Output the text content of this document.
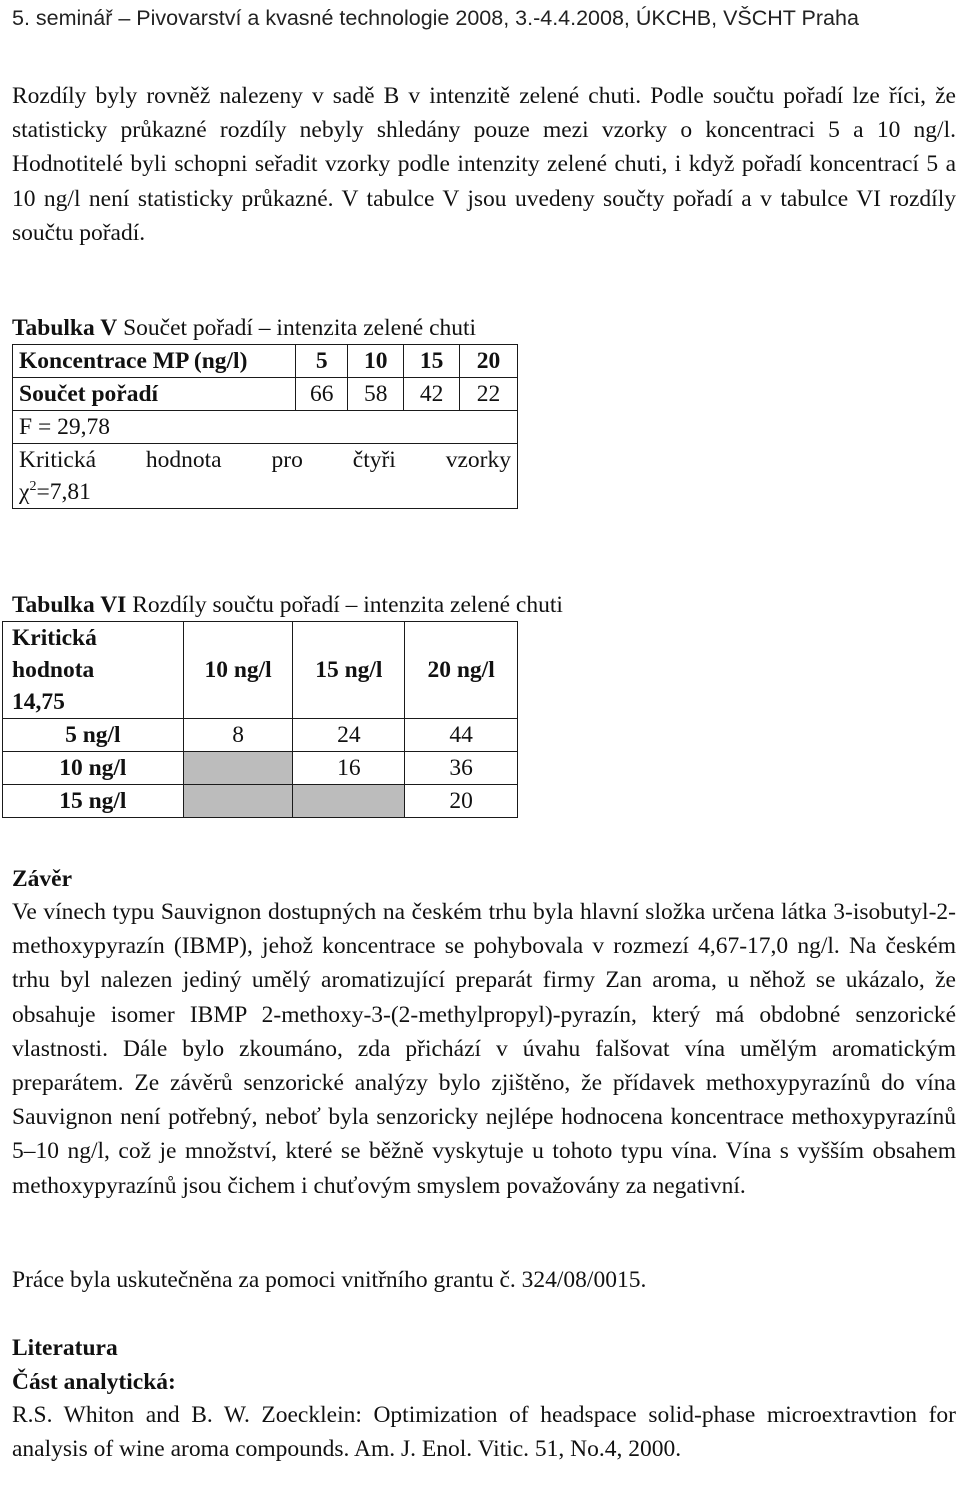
5. seminář – Pivovarství a kvasné technologie 2008, 3.-4.4.2008, ÚKCHB, VŠCHT Praha
Rozdíly byly rovněž nalezeny v sadě B v intenzitě zelené chuti. Podle součtu pořadí lze říci, že statisticky průkazné rozdíly nebyly shledány pouze mezi vzorky o koncentraci 5 a 10 ng/l. Hodnotitelé byli schopni seřadit vzorky podle intenzity zelené chuti, i když pořadí koncentrací 5 a 10 ng/l není statisticky průkazné. V tabulce V jsou uvedeny součty pořadí a v tabulce VI rozdíly součtu pořadí.
Tabulka V Součet pořadí – intenzita zelené chuti
Koncentrace MP (ng/l)	5	10	15	20
Součet pořadí	66	58	42	22
F = 29,78				

Kritická hodnota pro čtyři vzorky
$\chi^2=7,81$				
Tabulka VI Rozdíly součtu pořadí – intenzita zelené chuti
Kritická
hodnota
14,75	10 ng/l	15 ng/l	20 ng/l
5 ng/l	8	24	44
10 ng/l		16	36
15 ng/l			20
Závěr
Ve vínech typu Sauvignon dostupných na českém trhu byla hlavní složka určena látka 3-isobutyl-2-methoxypyrazín (IBMP), jehož koncentrace se pohybovala v rozmezí 4,67-17,0 ng/l. Na českém trhu byl nalezen jediný umělý aromatizující preparát firmy Zan aroma, u něhož se ukázalo, že obsahuje isomer IBMP 2-methoxy-3-(2-methylpropyl)-pyrazín, který má obdobné senzorické vlastnosti. Dále bylo zkoumáno, zda přichází v úvahu falšovat vína umělým aromatickým preparátem. Ze závěrů senzorické analýzy bylo zjištěno, že přídavek methoxypyrazínů do vína Sauvignon není potřebný, neboť byla senzoricky nejlépe hodnocena koncentrace methoxypyrazínů 5–10 ng/l, což je množství, které se běžně vyskytuje u tohoto typu vína. Vína s vyšším obsahem methoxypyrazínů jsou čichem i chuťovým smyslem považovány za negativní.
Práce byla uskutečněna za pomoci vnitřního grantu č. 324/08/0015.
Literatura
Část analytická:
R.S. Whiton and B. W. Zoecklein: Optimization of headspace solid-phase microextravtion for analysis of wine aroma compounds. Am. J. Enol. Vitic. 51, No.4, 2000.
